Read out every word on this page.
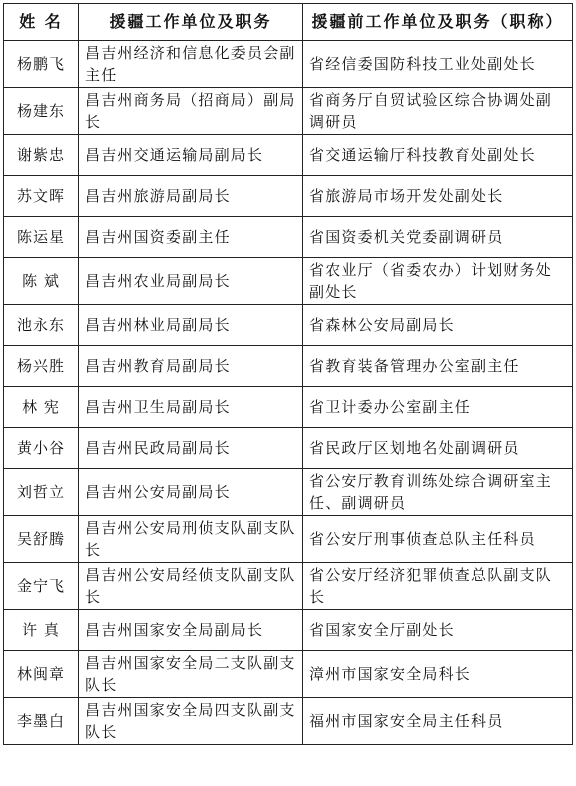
姓 名	援疆工作单位及职务	援疆前工作单位及职务（职称）
杨鹏飞	昌吉州经济和信息化委员会副主任	省经信委国防科技工业处副处长
杨建东	昌吉州商务局（招商局）副局长	省商务厅自贸试验区综合协调处副调研员
谢紫忠	昌吉州交通运输局副局长	省交通运输厅科技教育处副处长
苏文晖	昌吉州旅游局副局长	省旅游局市场开发处副处长
陈运星	昌吉州国资委副主任	省国资委机关党委副调研员
陈 斌	昌吉州农业局副局长	省农业厅（省委农办）计划财务处副处长
池永东	昌吉州林业局副局长	省森林公安局副局长
杨兴胜	昌吉州教育局副局长	省教育装备管理办公室副主任
林 宪	昌吉州卫生局副局长	省卫计委办公室副主任
黄小谷	昌吉州民政局副局长	省民政厅区划地名处副调研员
刘哲立	昌吉州公安局副局长	省公安厅教育训练处综合调研室主任、副调研员
吴舒腾	昌吉州公安局刑侦支队副支队长	省公安厅刑事侦查总队主任科员
金宁飞	昌吉州公安局经侦支队副支队长	省公安厅经济犯罪侦查总队副支队长
许 真	昌吉州国家安全局副局长	省国家安全厅副处长
林闽章	昌吉州国家安全局二支队副支队长	漳州市国家安全局科长
李墨白	昌吉州国家安全局四支队副支队长	福州市国家安全局主任科员
